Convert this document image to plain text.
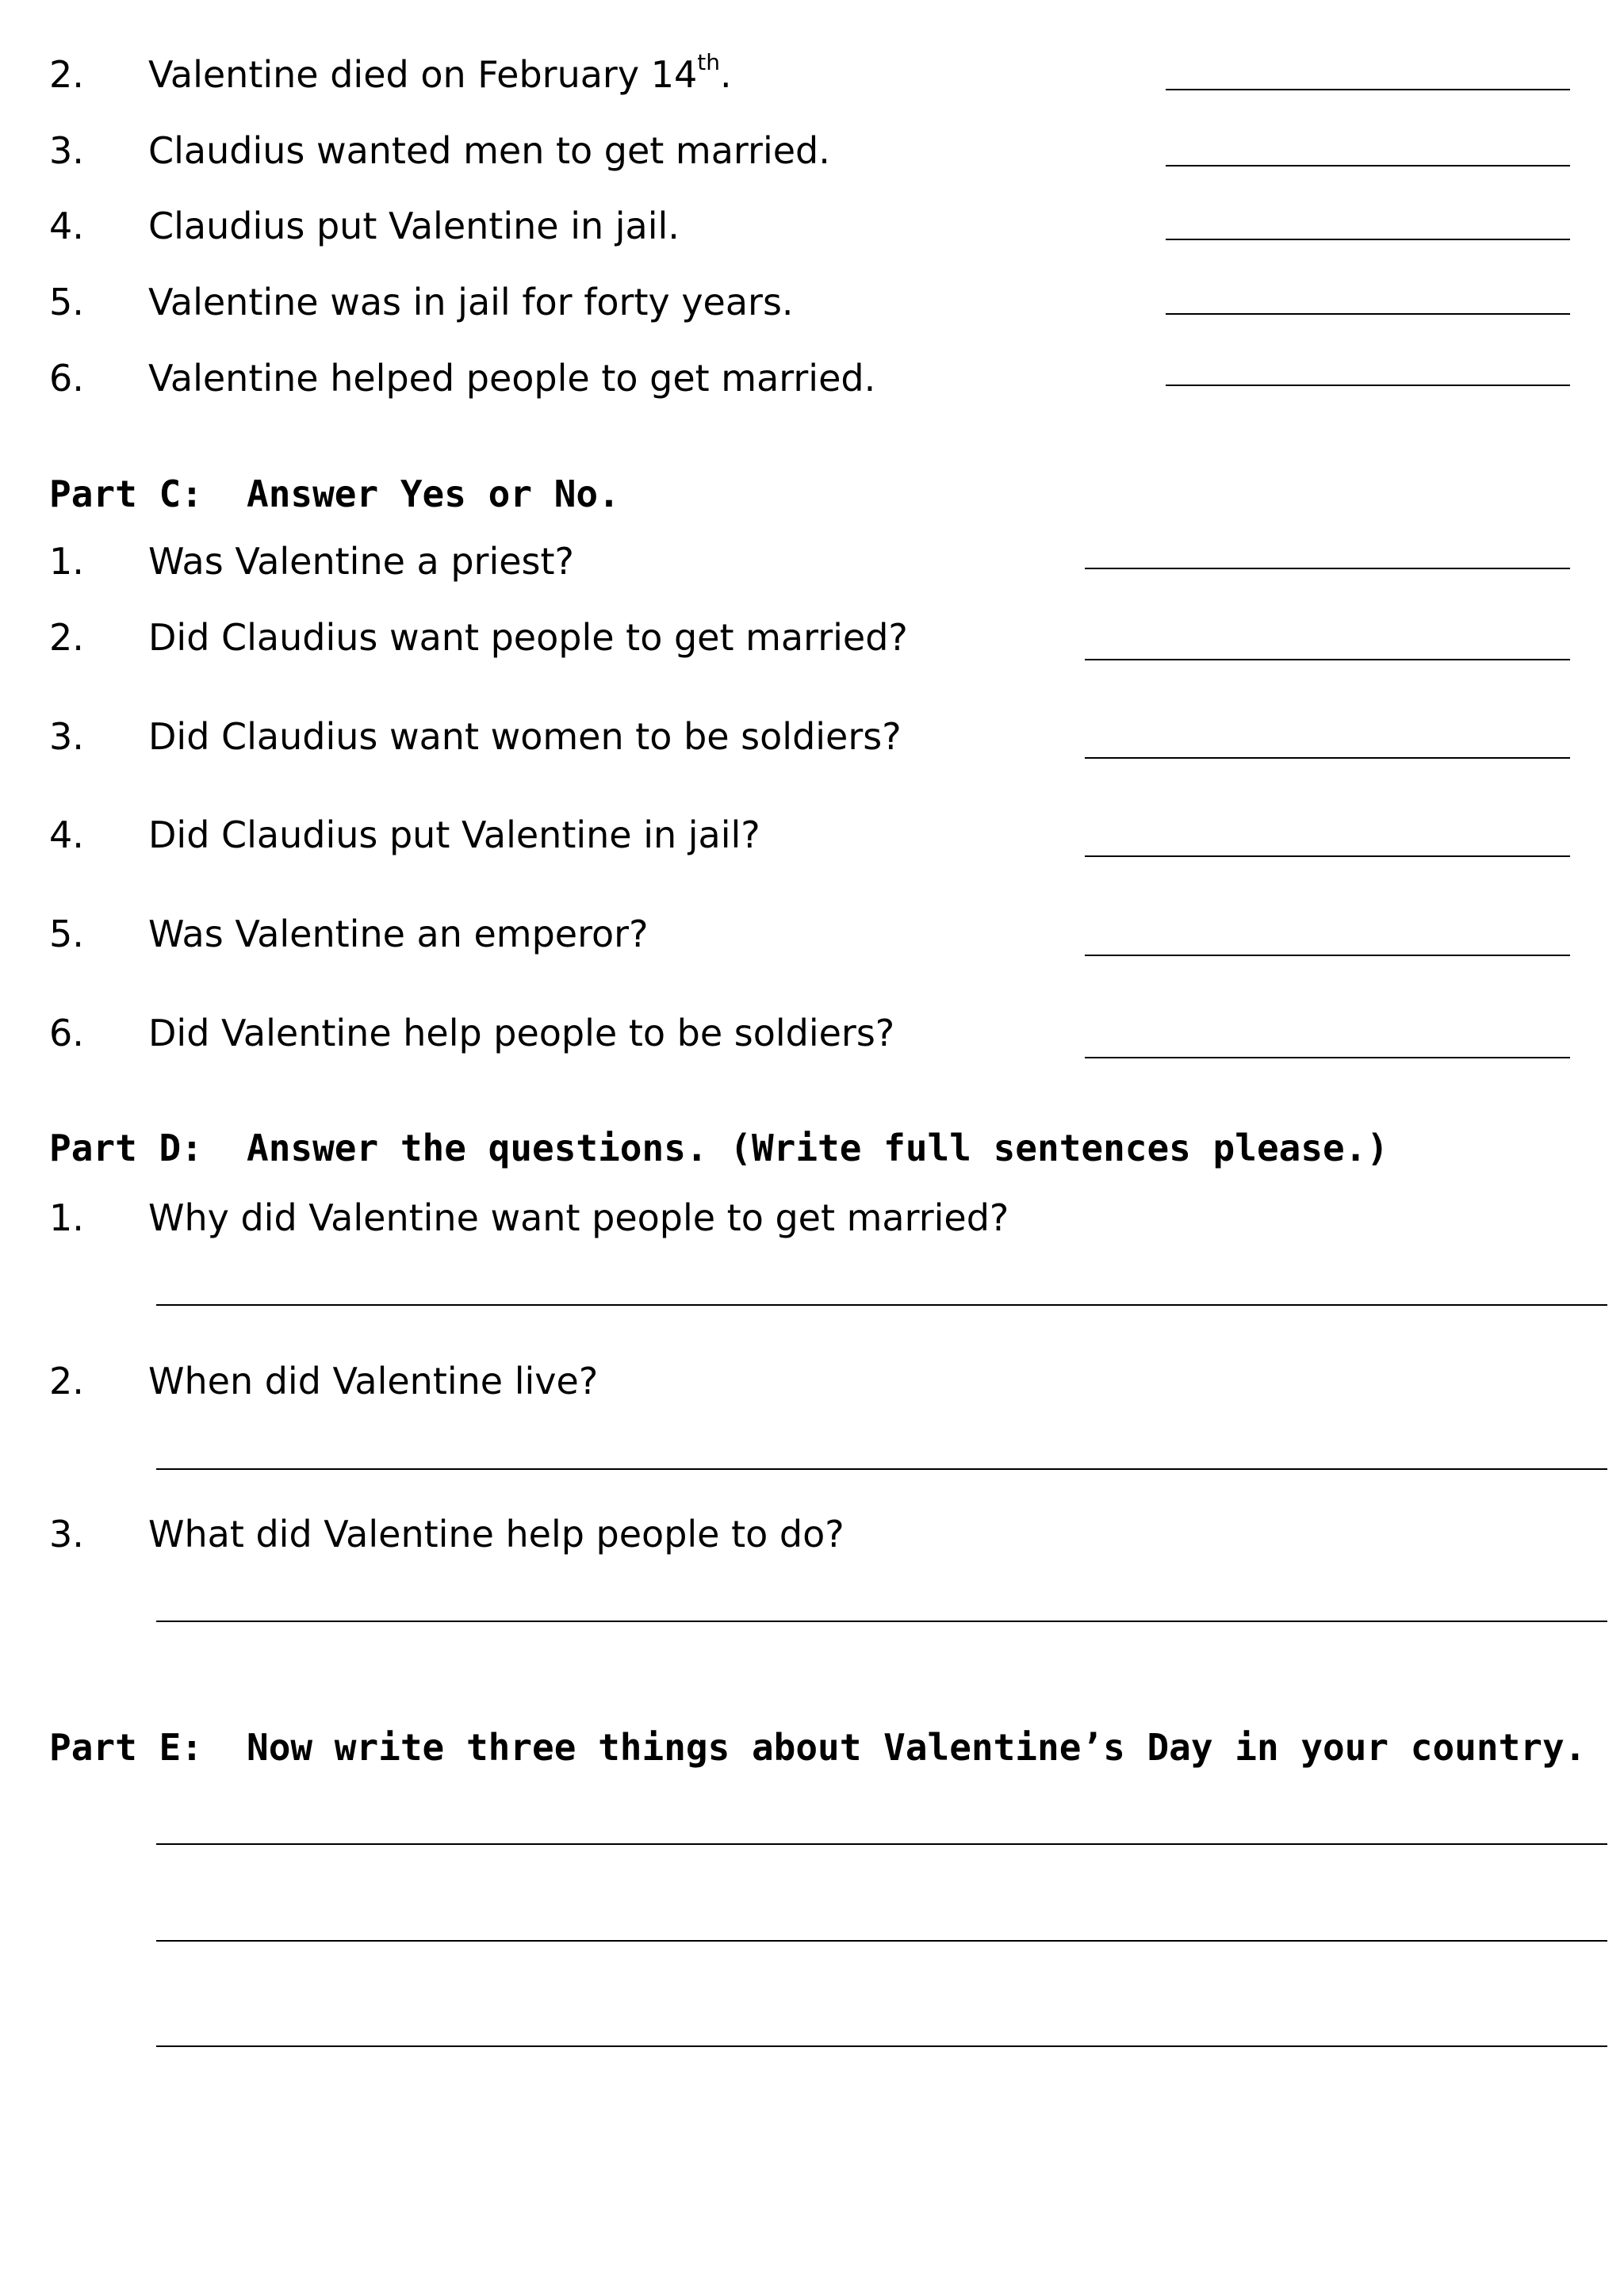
2. Valentine died on February 14th.
3. Claudius wanted men to get married.
4. Claudius put Valentine in jail.
5. Valentine was in jail for forty years.
6. Valentine helped people to get married.
Part C: Answer Yes or No.
1. Was Valentine a priest?
2. Did Claudius want people to get married?
3. Did Claudius want women to be soldiers?
4. Did Claudius put Valentine in jail?
5. Was Valentine an emperor?
6. Did Valentine help people to be soldiers?
Part D: Answer the questions. (Write full sentences please.)
1. Why did Valentine want people to get married?
2. When did Valentine live?
3. What did Valentine help people to do?
Part E: Now write three things about Valentine’s Day in your country.
